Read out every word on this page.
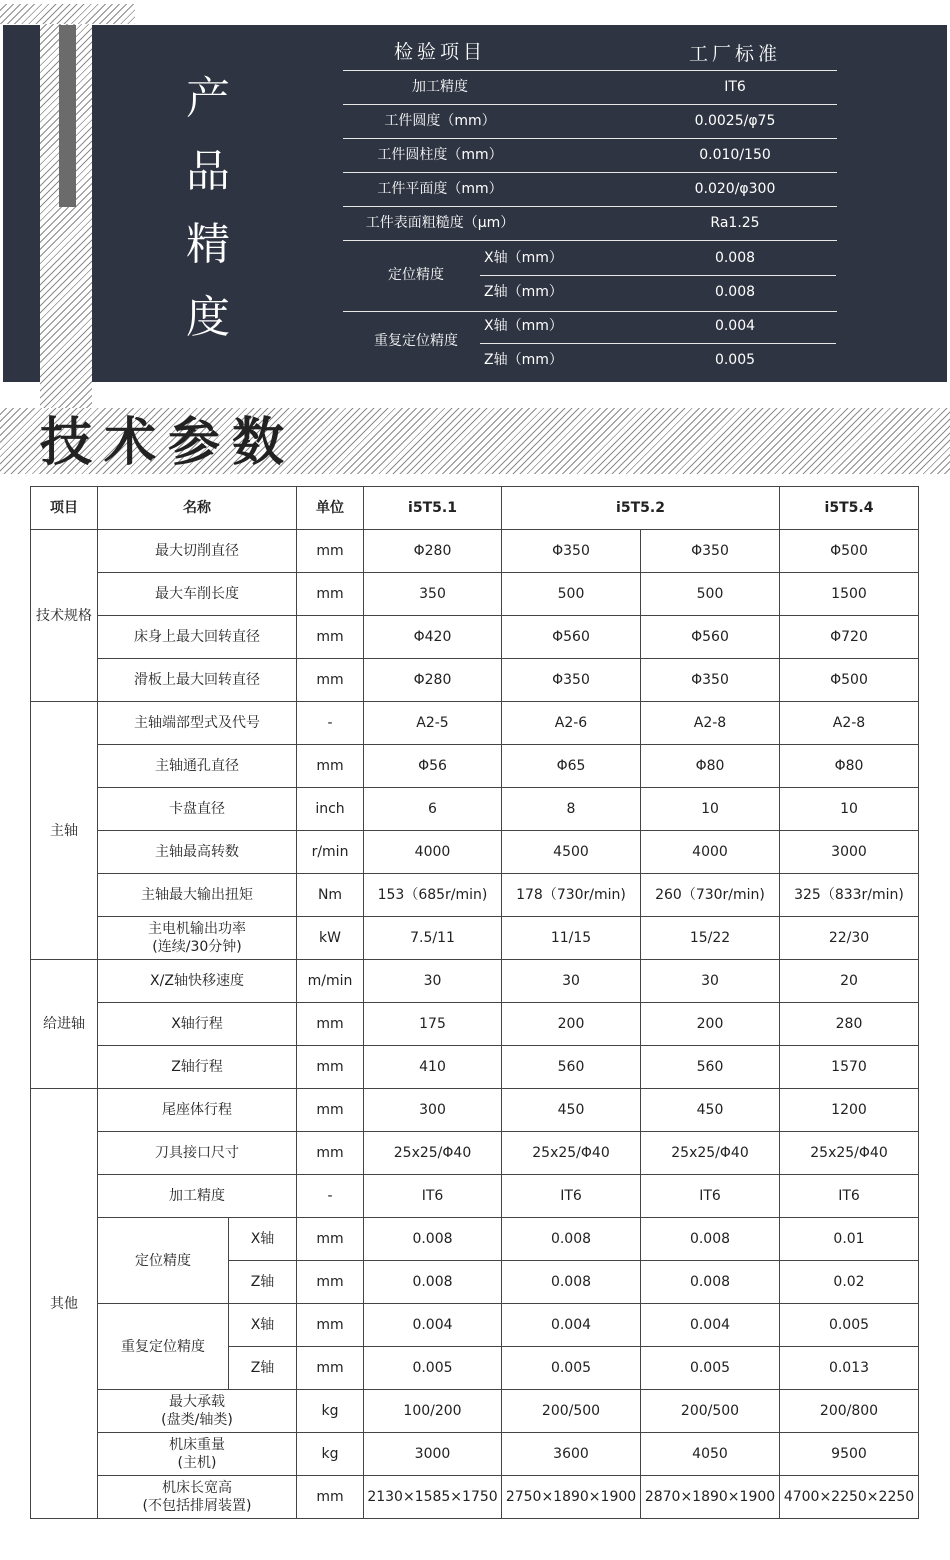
产
品
精
度
检验项目	工厂标准
加工精度	IT6
工件圆度（mm）	0.0025/φ75
工件圆柱度（mm）	0.010/150
工件平面度（mm）	0.020/φ300
工件表面粗糙度（μm）	Ra1.25
定位精度
X轴（mm）	0.008
Z轴（mm）	0.008
重复定位精度
X轴（mm）	0.004
Z轴（mm）	0.005
技术参数
项目	名称		单位	i5T5.1	i5T5.2		i5T5.4
技术规格	最大切削直径		mm	Φ280	Φ350	Φ350	Φ500
	最大车削长度		mm	350	500	500	1500
	床身上最大回转直径		mm	Φ420	Φ560	Φ560	Φ720
	滑板上最大回转直径		mm	Φ280	Φ350	Φ350	Φ500
主轴	主轴端部型式及代号		-	A2-5	A2-6	A2-8	A2-8
	主轴通孔直径		mm	Φ56	Φ65	Φ80	Φ80
	卡盘直径		inch	6	8	10	10
	主轴最高转数		r/min	4000	4500	4000	3000
	主轴最大输出扭矩		Nm	153（685r/min)	178（730r/min)	260（730r/min)	325（833r/min)

	主电机输出功率
(连续/30分钟)		kW	7.5/11	11/15	15/22	22/30
给进轴	X/Z轴快移速度		m/min	30	30	30	20
	X轴行程		mm	175	200	200	280
	Z轴行程		mm	410	560	560	1570
其他	尾座体行程		mm	300	450	450	1200
	刀具接口尺寸		mm	25x25/Φ40	25x25/Φ40	25x25/Φ40	25x25/Φ40
	加工精度		-	IT6	IT6	IT6	IT6
	定位精度	X轴	mm	0.008	0.008	0.008	0.01
		Z轴	mm	0.008	0.008	0.008	0.02
	重复定位精度	X轴	mm	0.004	0.004	0.004	0.005
		Z轴	mm	0.005	0.005	0.005	0.013

	最大承载
(盘类/轴类)		kg	100/200	200/500	200/500	200/800

	机床重量
(主机)		kg	3000	3600	4050	9500

	机床长宽高
(不包括排屑装置)		mm	2130×1585×1750	2750×1890×1900	2870×1890×1900	4700×2250×2250
